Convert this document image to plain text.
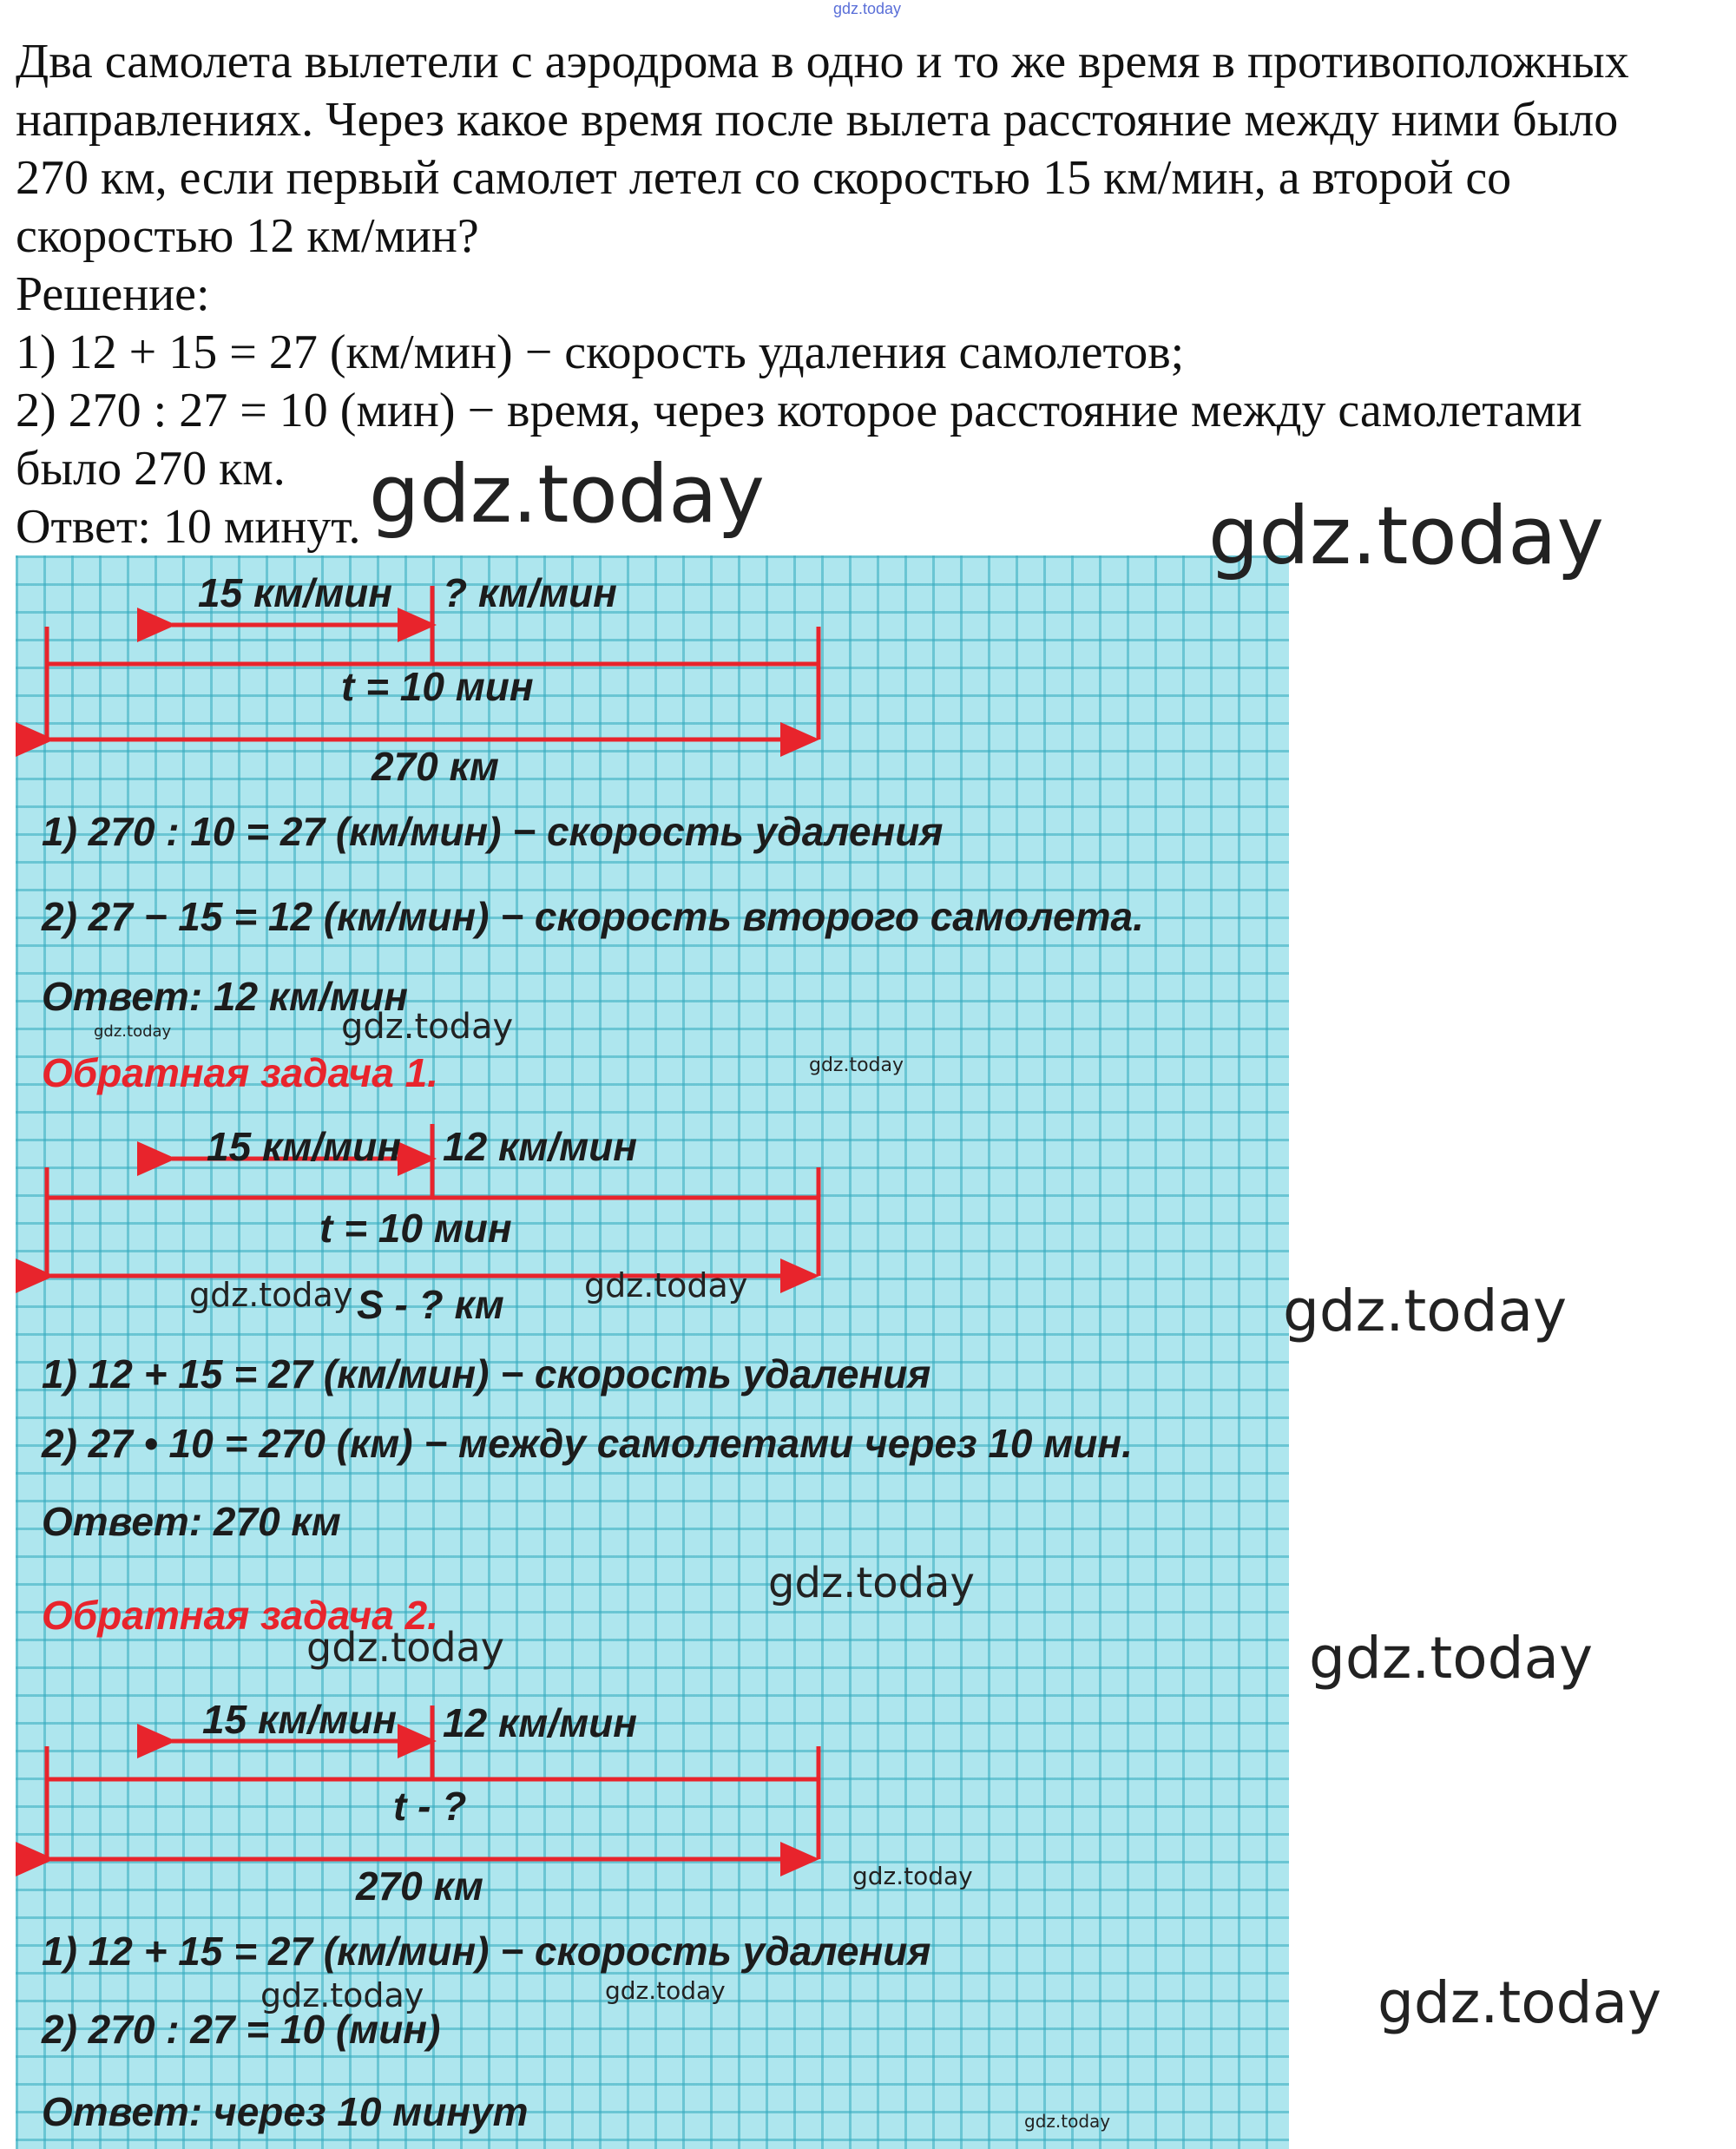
gdz.today

Два самолета вылетели с аэродрома в одно и то же время в противоположных

направлениях. Через какое время после вылета расстояние между ними было

270 км, если первый самолет летел со скоростью 15 км/мин, а второй со

скоростью 12 км/мин?

Решение:

1) 12 + 15 = 27 (км/мин) − скорость удаления самолетов;

2) 270 : 27 = 10 (мин) − время, через которое расстояние между самолетами

было 270 км.

Ответ: 10 минут.

15 км/мин ? км/мин
t = 10 мин
270 км
1) 270 : 10 = 27 (км/мин) − скорость удаления
2) 27 − 15 = 12 (км/мин) − скорость второго самолета.
Ответ: 12 км/мин
Обратная задача 1.
15 км/мин 12 км/мин
t = 10 мин
S - ? км
1) 12 + 15 = 27 (км/мин) − скорость удаления
2) 27 • 10 = 270 (км) − между самолетами через 10 мин.
Ответ: 270 км
Обратная задача 2.
15 км/мин 12 км/мин
t - ?
270 км
1) 12 + 15 = 27 (км/мин) − скорость удаления
2) 270 : 27 = 10 (мин)
Ответ: через 10 минут
gdz.today	gdz.today
gdz.today	gdz.today
gdz.today
gdz.today	gdz.today	gdz.today
gdz.today
gdz.today	gdz.today
gdz.today
gdz.today	gdz.today	gdz.today
gdz.today
